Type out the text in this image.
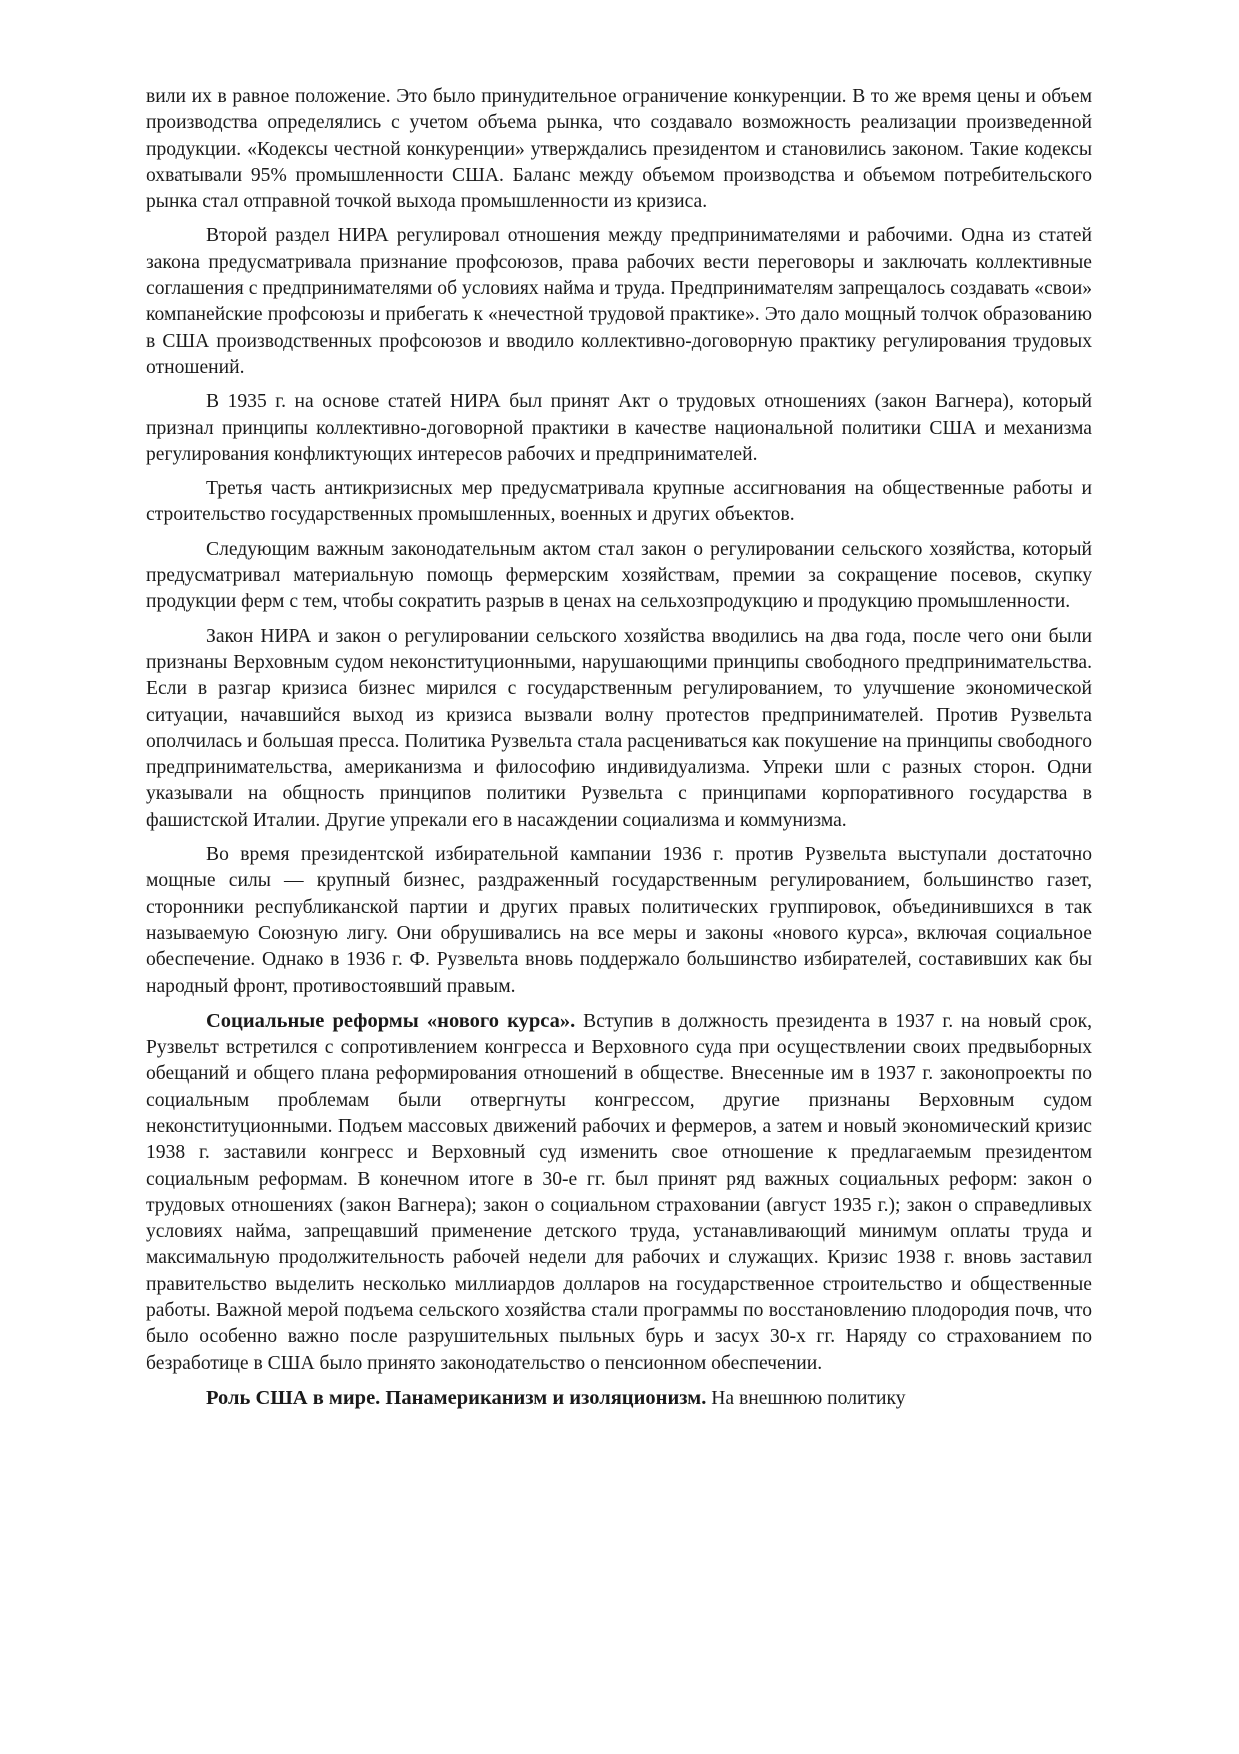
вили их в равное положение. Это было принудительное ограничение конкуренции. В то же время цены и объем производства определялись с учетом объема рынка, что создавало возможность реализации произведенной продукции. «Кодексы честной конкуренции» утверждались президентом и становились законом. Такие кодексы охватывали 95% промышленности США. Баланс между объемом производства и объемом потребительского рынка стал отправной точкой выхода промышленности из кризиса.

Второй раздел НИРА регулировал отношения между предпринимателями и рабочими. Одна из статей закона предусматривала признание профсоюзов, права рабочих вести переговоры и заключать коллективные соглашения с предпринимателями об условиях найма и труда. Предпринимателям запрещалось создавать «свои» компанейские профсоюзы и прибегать к «нечестной трудовой практике». Это дало мощный толчок образованию в США производственных профсоюзов и вводило коллективно-договорную практику регулирования трудовых отношений.

В 1935 г. на основе статей НИРА был принят Акт о трудовых отношениях (закон Вагнера), который признал принципы коллективно-договорной практики в качестве национальной политики США и механизма регулирования конфликтующих интересов рабочих и предпринимателей.

Третья часть антикризисных мер предусматривала крупные ассигнования на общественные работы и строительство государственных промышленных, военных и других объектов.

Следующим важным законодательным актом стал закон о регулировании сельского хозяйства, который предусматривал материальную помощь фермерским хозяйствам, премии за сокращение посевов, скупку продукции ферм с тем, чтобы сократить разрыв в ценах на сельхозпродукцию и продукцию промышленности.

Закон НИРА и закон о регулировании сельского хозяйства вводились на два года, после чего они были признаны Верховным судом неконституционными, нарушающими принципы свободного предпринимательства. Если в разгар кризиса бизнес мирился с государственным регулированием, то улучшение экономической ситуации, начавшийся выход из кризиса вызвали волну протестов предпринимателей. Против Рузвельта ополчилась и большая пресса. Политика Рузвельта стала расцениваться как покушение на принципы свободного предпринимательства, американизма и философию индивидуализма. Упреки шли с разных сторон. Одни указывали на общность принципов политики Рузвельта с принципами корпоративного государства в фашистской Италии. Другие упрекали его в насаждении социализма и коммунизма.

Во время президентской избирательной кампании 1936 г. против Рузвельта выступали достаточно мощные силы — крупный бизнес, раздраженный государственным регулированием, большинство газет, сторонники республиканской партии и других правых политических группировок, объединившихся в так называемую Союзную лигу. Они обрушивались на все меры и законы «нового курса», включая социальное обеспечение. Однако в 1936 г. Ф. Рузвельта вновь поддержало большинство избирателей, составивших как бы народный фронт, противостоявший правым.

Социальные реформы «нового курса». Вступив в должность президента в 1937 г. на новый срок, Рузвельт встретился с сопротивлением конгресса и Верховного суда при осуществлении своих предвыборных обещаний и общего плана реформирования отношений в обществе. Внесенные им в 1937 г. законопроекты по социальным проблемам были отвергнуты конгрессом, другие признаны Верховным судом неконституционными. Подъем массовых движений рабочих и фермеров, а затем и новый экономический кризис 1938 г. заставили конгресс и Верховный суд изменить свое отношение к предлагаемым президентом социальным реформам. В конечном итоге в 30-е гг. был принят ряд важных социальных реформ: закон о трудовых отношениях (закон Вагнера); закон о социальном страховании (август 1935 г.); закон о справедливых условиях найма, запрещавший применение детского труда, устанавливающий минимум оплаты труда и максимальную продолжительность рабочей недели для рабочих и служащих. Кризис 1938 г. вновь заставил правительство выделить несколько миллиардов долларов на государственное строительство и общественные работы. Важной мерой подъема сельского хозяйства стали программы по восстановлению плодородия почв, что было особенно важно после разрушительных пыльных бурь и засух 30-х гг. Наряду со страхованием по безработице в США было принято законодательство о пенсионном обеспечении.

Роль США в мире. Панамериканизм и изоляционизм. На внешнюю политику
